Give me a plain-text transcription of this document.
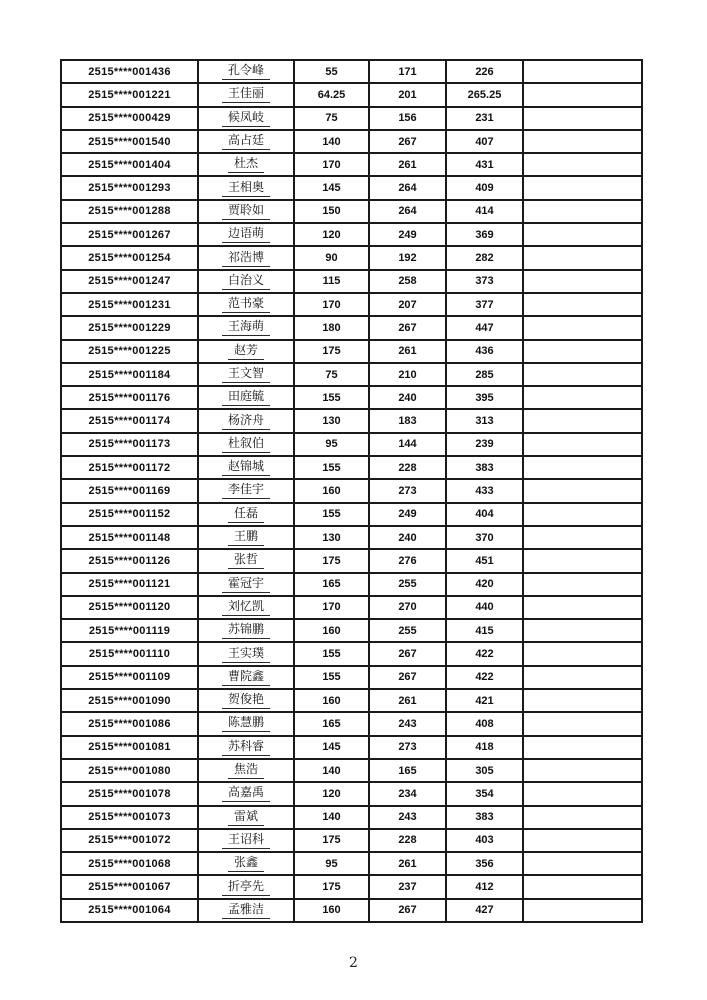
2515****001436	孔令峰	55	171	226	
2515****001221	王佳丽	64.25	201	265.25	
2515****000429	候凤岐	75	156	231	
2515****001540	高占廷	140	267	407	
2515****001404	杜杰	170	261	431	
2515****001293	王相奥	145	264	409	
2515****001288	贾聆如	150	264	414	
2515****001267	边语萌	120	249	369	
2515****001254	祁浩博	90	192	282	
2515****001247	白治义	115	258	373	
2515****001231	范书豪	170	207	377	
2515****001229	王海萌	180	267	447	
2515****001225	赵芳	175	261	436	
2515****001184	王文智	75	210	285	
2515****001176	田庭毓	155	240	395	
2515****001174	杨济舟	130	183	313	
2515****001173	杜叙伯	95	144	239	
2515****001172	赵锦城	155	228	383	
2515****001169	李佳宇	160	273	433	
2515****001152	任磊	155	249	404	
2515****001148	王鹏	130	240	370	
2515****001126	张哲	175	276	451	
2515****001121	霍冠宇	165	255	420	
2515****001120	刘忆凯	170	270	440	
2515****001119	苏锦鹏	160	255	415	
2515****001110	王实璞	155	267	422	
2515****001109	曹院鑫	155	267	422	
2515****001090	贺俊艳	160	261	421	
2515****001086	陈慧鹏	165	243	408	
2515****001081	苏科睿	145	273	418	
2515****001080	焦浩	140	165	305	
2515****001078	高嘉禹	120	234	354	
2515****001073	雷斌	140	243	383	
2515****001072	王诏科	175	228	403	
2515****001068	张鑫	95	261	356	
2515****001067	折亭先	175	237	412	
2515****001064	孟雅洁	160	267	427	
2
